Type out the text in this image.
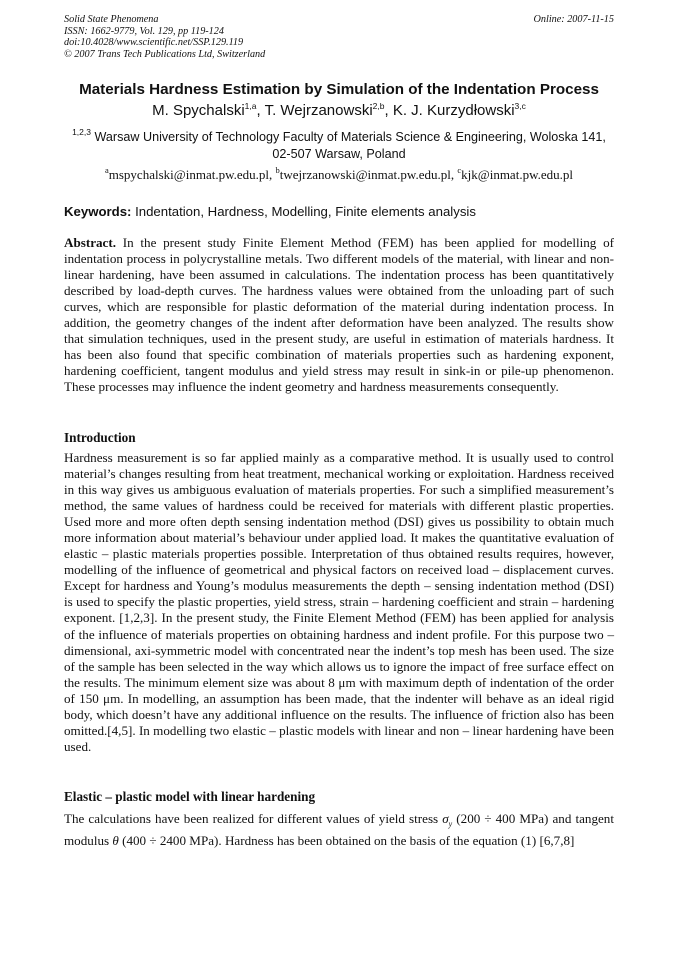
Solid State Phenomena
ISSN: 1662-9779, Vol. 129, pp 119-124
doi:10.4028/www.scientific.net/SSP.129.119
© 2007 Trans Tech Publications Ltd, Switzerland
Online: 2007-11-15
Materials Hardness Estimation by Simulation of the Indentation Process
M. Spychalski$^{1,a}$, T. Wejrzanowski$^{2,b}$, K. J. Kurzydłowski$^{3,c}$
$^{1,2,3}$ Warsaw University of Technology Faculty of Materials Science & Engineering, Woloska 141, 02-507 Warsaw, Poland
$^a$mspychalski@inmat.pw.edu.pl, $^b$twejrzanowski@inmat.pw.edu.pl, $^c$kjk@inmat.pw.edu.pl
Keywords: Indentation, Hardness, Modelling, Finite elements analysis
Abstract. In the present study Finite Element Method (FEM) has been applied for modelling of indentation process in polycrystalline metals. Two different models of the material, with linear and non-linear hardening, have been assumed in calculations. The indentation process has been quantitatively described by load-depth curves. The hardness values were obtained from the unloading part of such curves, which are responsible for plastic deformation of the material during indentation process. In addition, the geometry changes of the indent after deformation have been analyzed. The results show that simulation techniques, used in the present study, are useful in estimation of materials hardness. It has been also found that specific combination of materials properties such as hardening exponent, hardening coefficient, tangent modulus and yield stress may result in sink-in or pile-up phenomenon. These processes may influence the indent geometry and hardness measurements consequently.
Introduction
Hardness measurement is so far applied mainly as a comparative method. It is usually used to control material’s changes resulting from heat treatment, mechanical working or exploitation. Hardness received in this way gives us ambiguous evaluation of materials properties. For such a simplified measurement’s method, the same values of hardness could be received for materials with different plastic properties. Used more and more often depth sensing indentation method (DSI) gives us possibility to obtain much more information about material’s behaviour under applied load. It makes the quantitative evaluation of elastic – plastic materials properties possible. Interpretation of thus obtained results requires, however, modelling of the influence of geometrical and physical factors on received load – displacement curves. Except for hardness and Young’s modulus measurements the depth – sensing indentation method (DSI) is used to specify the plastic properties, yield stress, strain – hardening coefficient and strain – hardening exponent. [1,2,3]. In the present study, the Finite Element Method (FEM) has been applied for analysis of the influence of materials properties on obtaining hardness and indent profile. For this purpose two – dimensional, axi-symmetric model with concentrated near the indent’s top mesh has been used. The size of the sample has been selected in the way which allows us to ignore the impact of free surface effect on the results. The minimum element size was about 8 μm with maximum depth of indentation of the order of 150 μm. In modelling, an assumption has been made, that the indenter will behave as an ideal rigid body, which doesn’t have any additional influence on the results. The influence of friction also has been omitted.[4,5]. In modelling two elastic – plastic models with linear and non – linear hardening have been used.
Elastic – plastic model with linear hardening
The calculations have been realized for different values of yield stress $\sigma_y$ (200 ÷ 400 MPa) and tangent modulus θ (400 ÷ 2400 MPa). Hardness has been obtained on the basis of the equation (1) [6,7,8]
